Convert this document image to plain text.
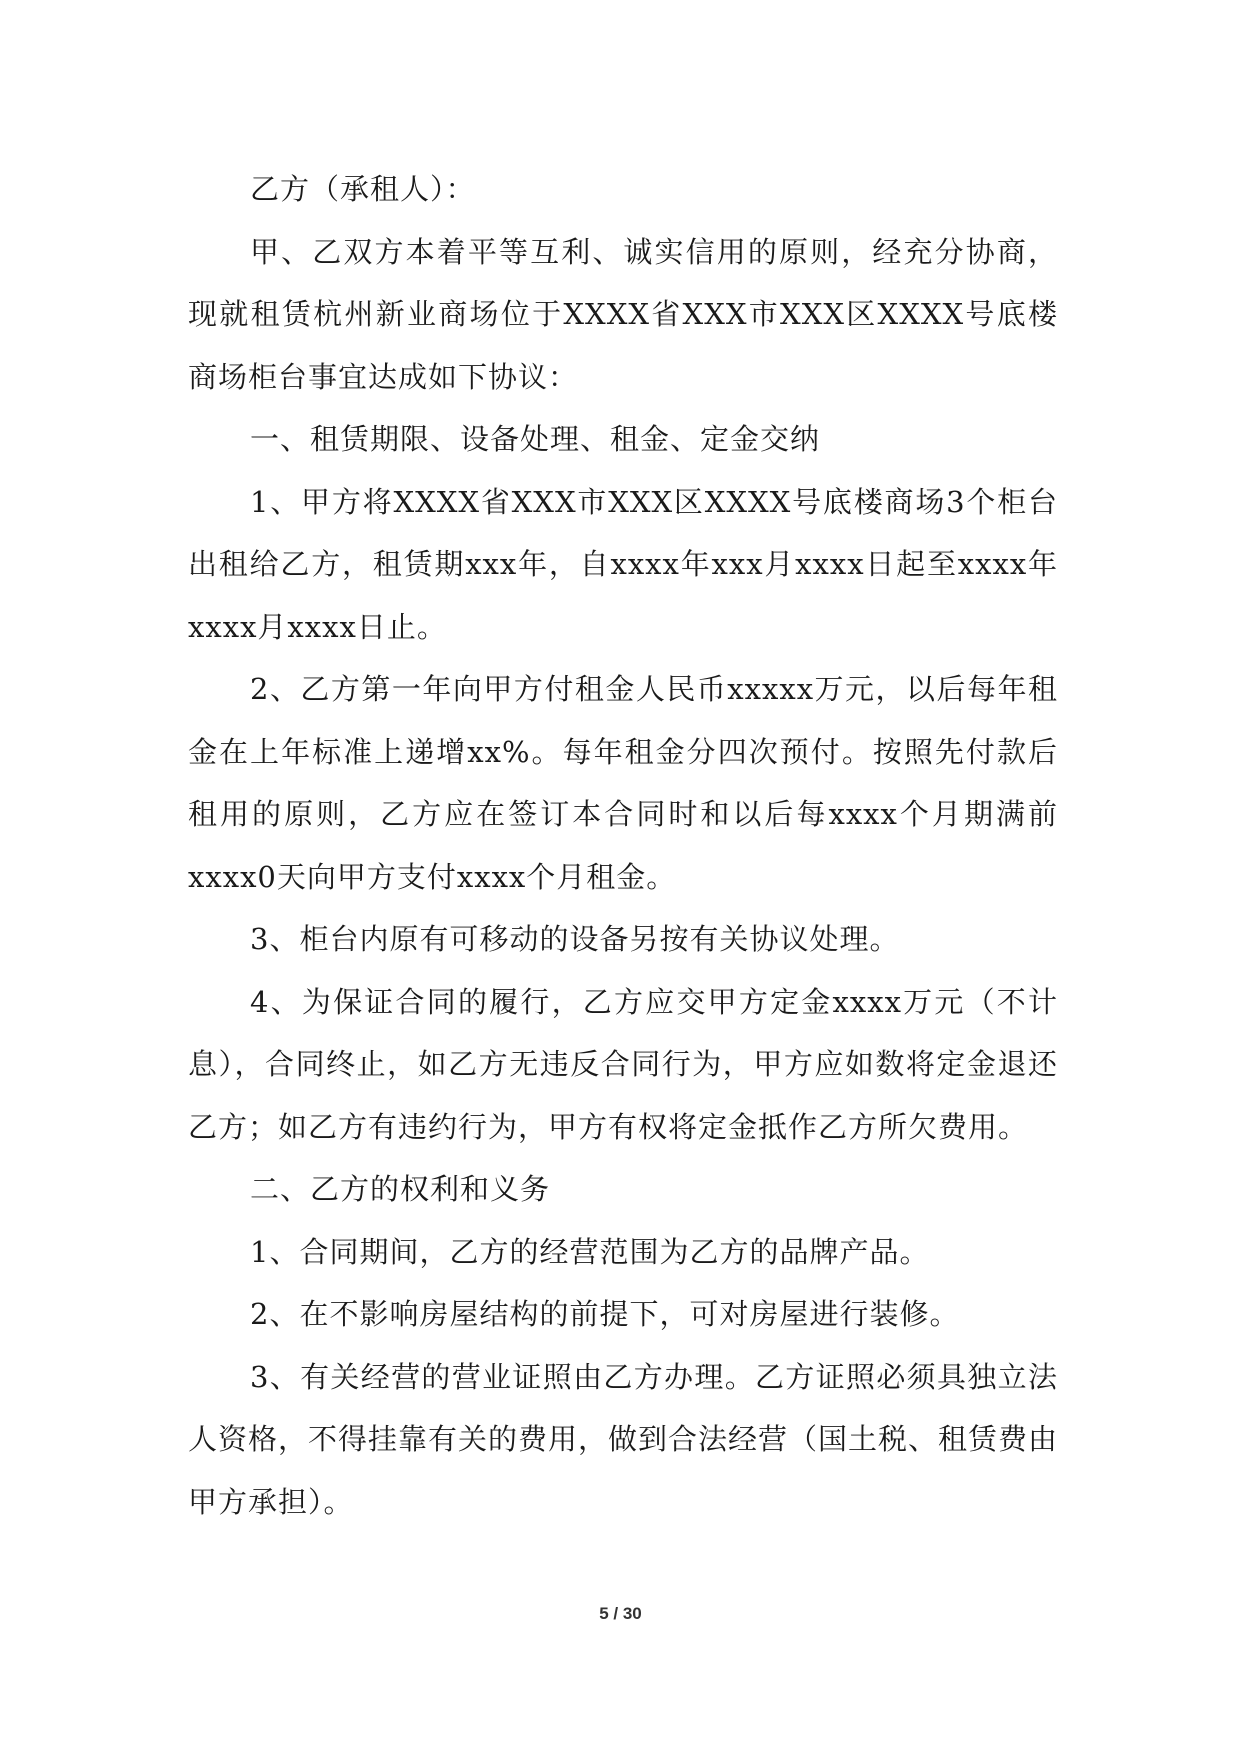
乙方（承租人）：

甲、乙双方本着平等互利、诚实信用的原则，经充分协商，现就租赁杭州新业商场位于XXXX省XXX市XXX区XXXX号底楼商场柜台事宜达成如下协议：

一、租赁期限、设备处理、租金、定金交纳

1、甲方将XXXX省XXX市XXX区XXXX号底楼商场3个柜台出租给乙方，租赁期xxx年，自xxxx年xxx月xxxx日起至xxxx年xxxx月xxxx日止。

2、乙方第一年向甲方付租金人民币xxxxx万元，以后每年租金在上年标准上递增xx%。每年租金分四次预付。按照先付款后租用的原则，乙方应在签订本合同时和以后每xxxx个月期满前xxxx0天向甲方支付xxxx个月租金。

3、柜台内原有可移动的设备另按有关协议处理。

4、为保证合同的履行，乙方应交甲方定金xxxx万元（不计息），合同终止，如乙方无违反合同行为，甲方应如数将定金退还乙方；如乙方有违约行为，甲方有权将定金抵作乙方所欠费用。

二、乙方的权利和义务

1、合同期间，乙方的经营范围为乙方的品牌产品。

2、在不影响房屋结构的前提下，可对房屋进行装修。

3、有关经营的营业证照由乙方办理。乙方证照必须具独立法人资格，不得挂靠有关的费用，做到合法经营（国土税、租赁费由甲方承担）。

5 / 30
